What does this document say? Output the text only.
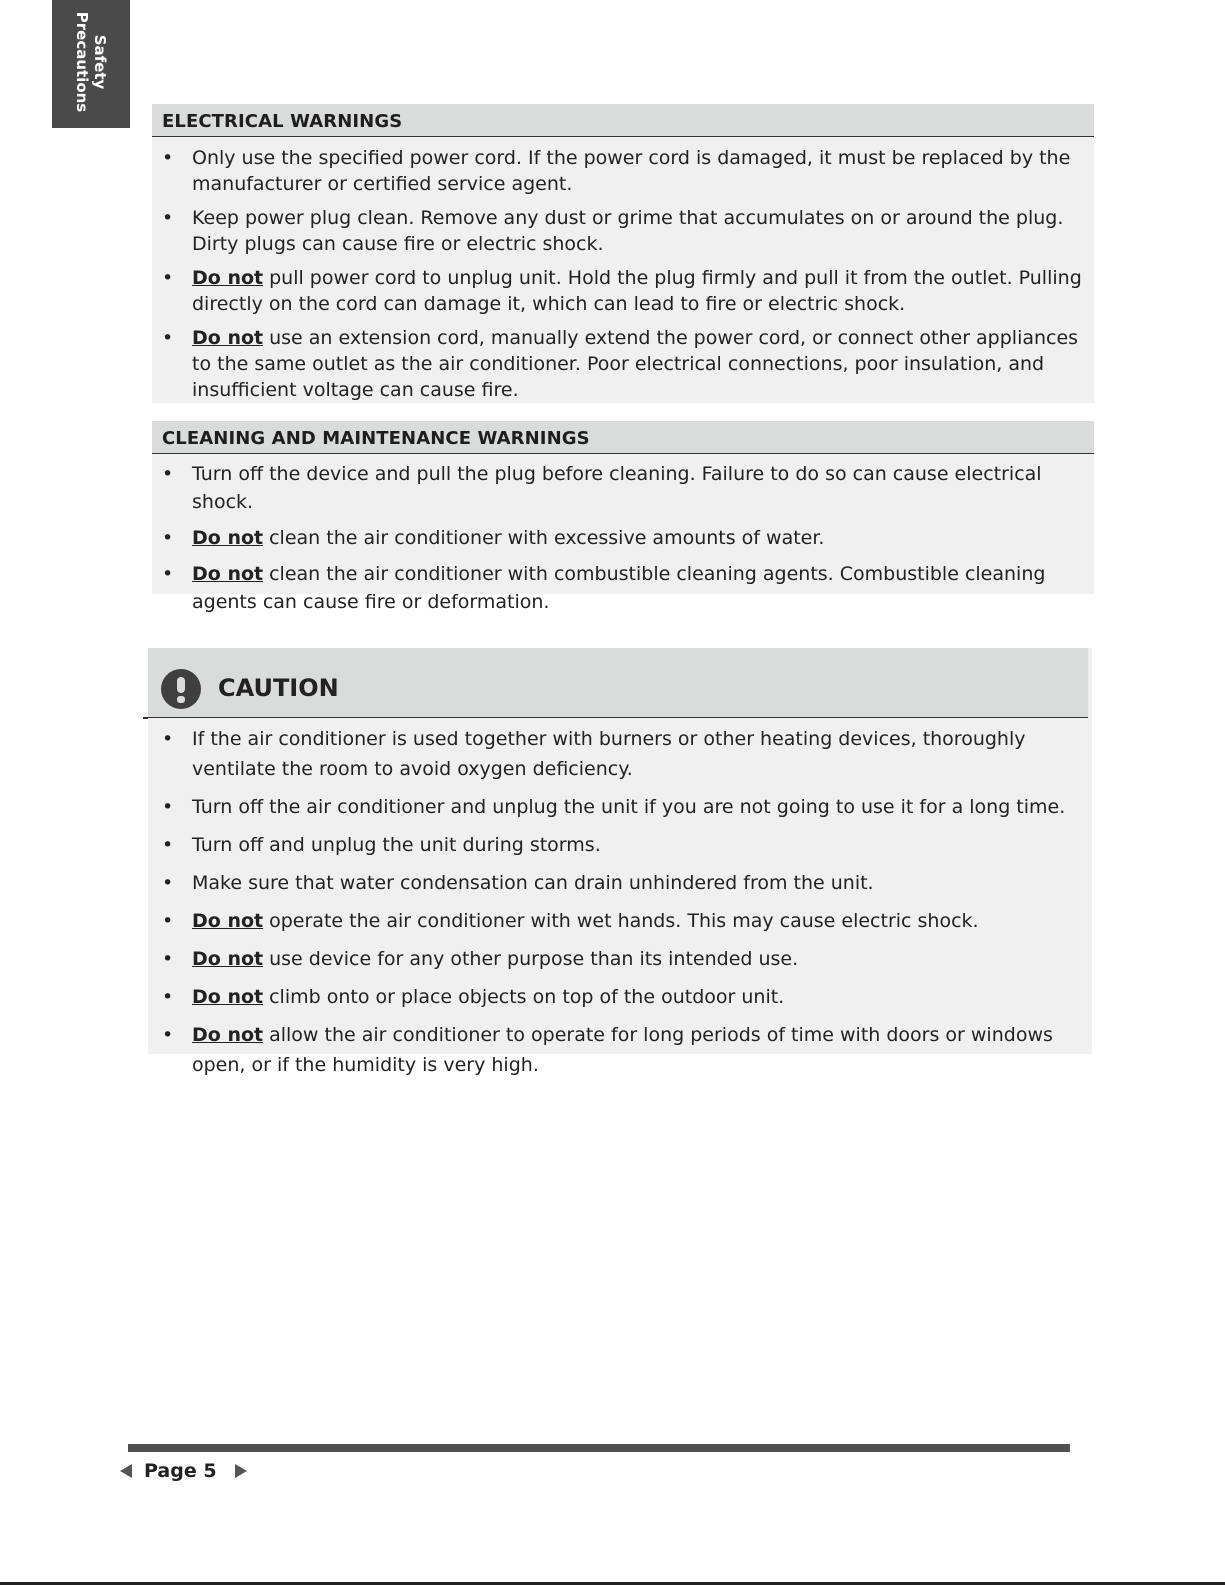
Safety
Precautions
ELECTRICAL WARNINGS
• Only use the specified power cord. If the power cord is damaged, it must be replaced by the manufacturer or certified service agent.
• Keep power plug clean. Remove any dust or grime that accumulates on or around the plug. Dirty plugs can cause fire or electric shock.
• Do not pull power cord to unplug unit. Hold the plug firmly and pull it from the outlet. Pulling directly on the cord can damage it, which can lead to fire or electric shock.
• Do not use an extension cord, manually extend the power cord, or connect other appliances to the same outlet as the air conditioner. Poor electrical connections, poor insulation, and insufficient voltage can cause fire.
CLEANING AND MAINTENANCE WARNINGS
• Turn off the device and pull the plug before cleaning. Failure to do so can cause electrical shock.
• Do not clean the air conditioner with excessive amounts of water.
• Do not clean the air conditioner with combustible cleaning agents. Combustible cleaning agents can cause fire or deformation.
CAUTION
• If the air conditioner is used together with burners or other heating devices, thoroughly ventilate the room to avoid oxygen deficiency.
• Turn off the air conditioner and unplug the unit if you are not going to use it for a long time.
• Turn off and unplug the unit during storms.
• Make sure that water condensation can drain unhindered from the unit.
• Do not operate the air conditioner with wet hands. This may cause electric shock.
• Do not use device for any other purpose than its intended use.
• Do not climb onto or place objects on top of the outdoor unit.
• Do not allow the air conditioner to operate for long periods of time with doors or windows open, or if the humidity is very high.
Page 5
